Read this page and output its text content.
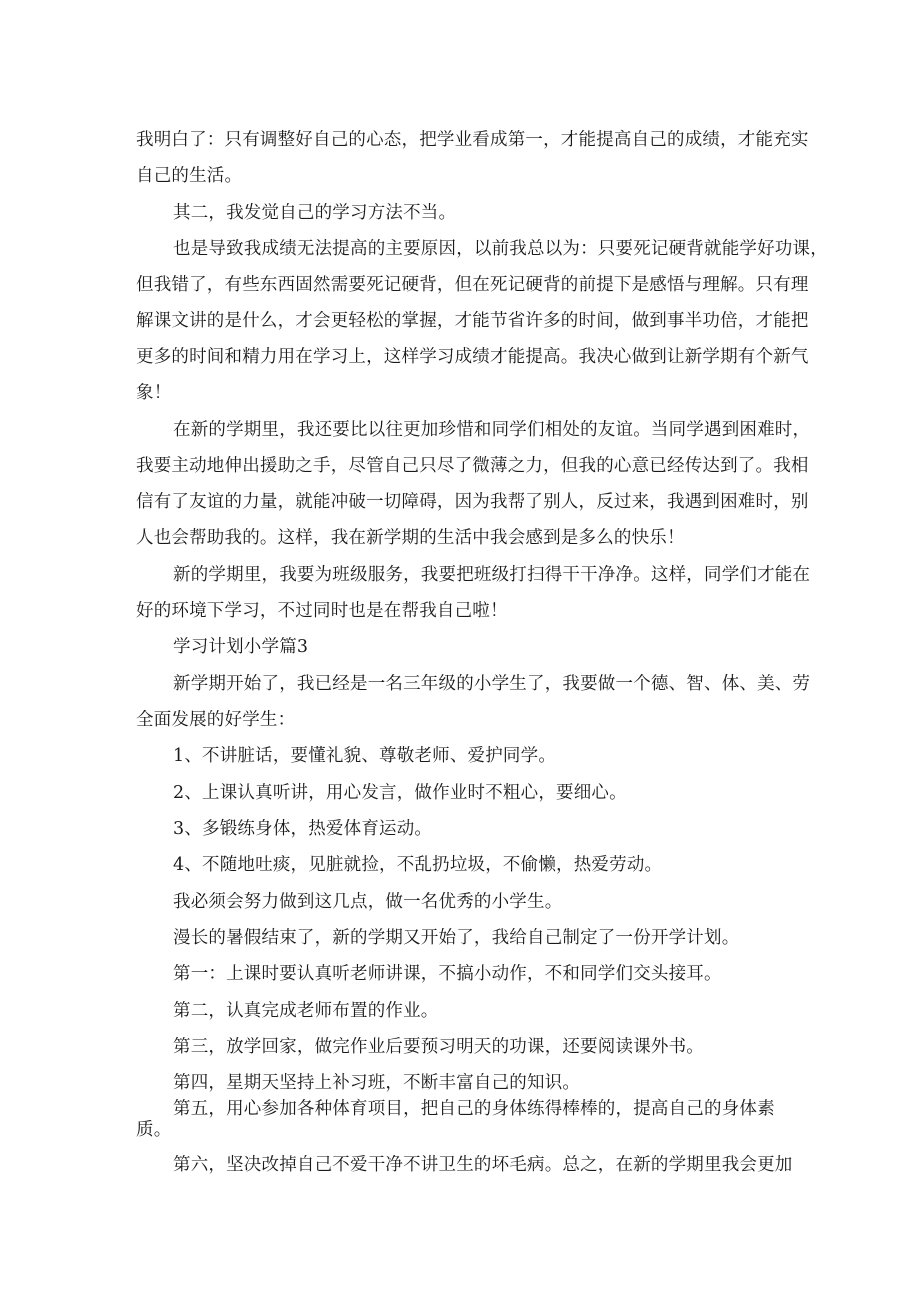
我明白了：只有调整好自己的心态，把学业看成第一，才能提高自己的成绩，才能充实
自己的生活。
其二，我发觉自己的学习方法不当。
也是导致我成绩无法提高的主要原因，以前我总以为：只要死记硬背就能学好功课，
但我错了，有些东西固然需要死记硬背，但在死记硬背的前提下是感悟与理解。只有理
解课文讲的是什么，才会更轻松的掌握，才能节省许多的时间，做到事半功倍，才能把
更多的时间和精力用在学习上，这样学习成绩才能提高。我决心做到让新学期有个新气
象！
在新的学期里，我还要比以往更加珍惜和同学们相处的友谊。当同学遇到困难时，
我要主动地伸出援助之手，尽管自己只尽了微薄之力，但我的心意已经传达到了。我相
信有了友谊的力量，就能冲破一切障碍，因为我帮了别人，反过来，我遇到困难时，别
人也会帮助我的。这样，我在新学期的生活中我会感到是多么的快乐！
新的学期里，我要为班级服务，我要把班级打扫得干干净净。这样，同学们才能在
好的环境下学习，不过同时也是在帮我自己啦！
学习计划小学篇3
新学期开始了，我已经是一名三年级的小学生了，我要做一个德、智、体、美、劳
全面发展的好学生：
1、不讲脏话，要懂礼貌、尊敬老师、爱护同学。
2、上课认真听讲，用心发言，做作业时不粗心，要细心。
3、多锻练身体，热爱体育运动。
4、不随地吐痰，见脏就捡，不乱扔垃圾，不偷懒，热爱劳动。
我必须会努力做到这几点，做一名优秀的小学生。
漫长的暑假结束了，新的学期又开始了，我给自己制定了一份开学计划。
第一：上课时要认真听老师讲课，不搞小动作，不和同学们交头接耳。
第二，认真完成老师布置的作业。
第三，放学回家，做完作业后要预习明天的功课，还要阅读课外书。
第四，星期天坚持上补习班，不断丰富自己的知识。
第五，用心参加各种体育项目，把自己的身体练得棒棒的，提高自己的身体素
质。
第六，坚决改掉自己不爱干净不讲卫生的坏毛病。总之，在新的学期里我会更加
